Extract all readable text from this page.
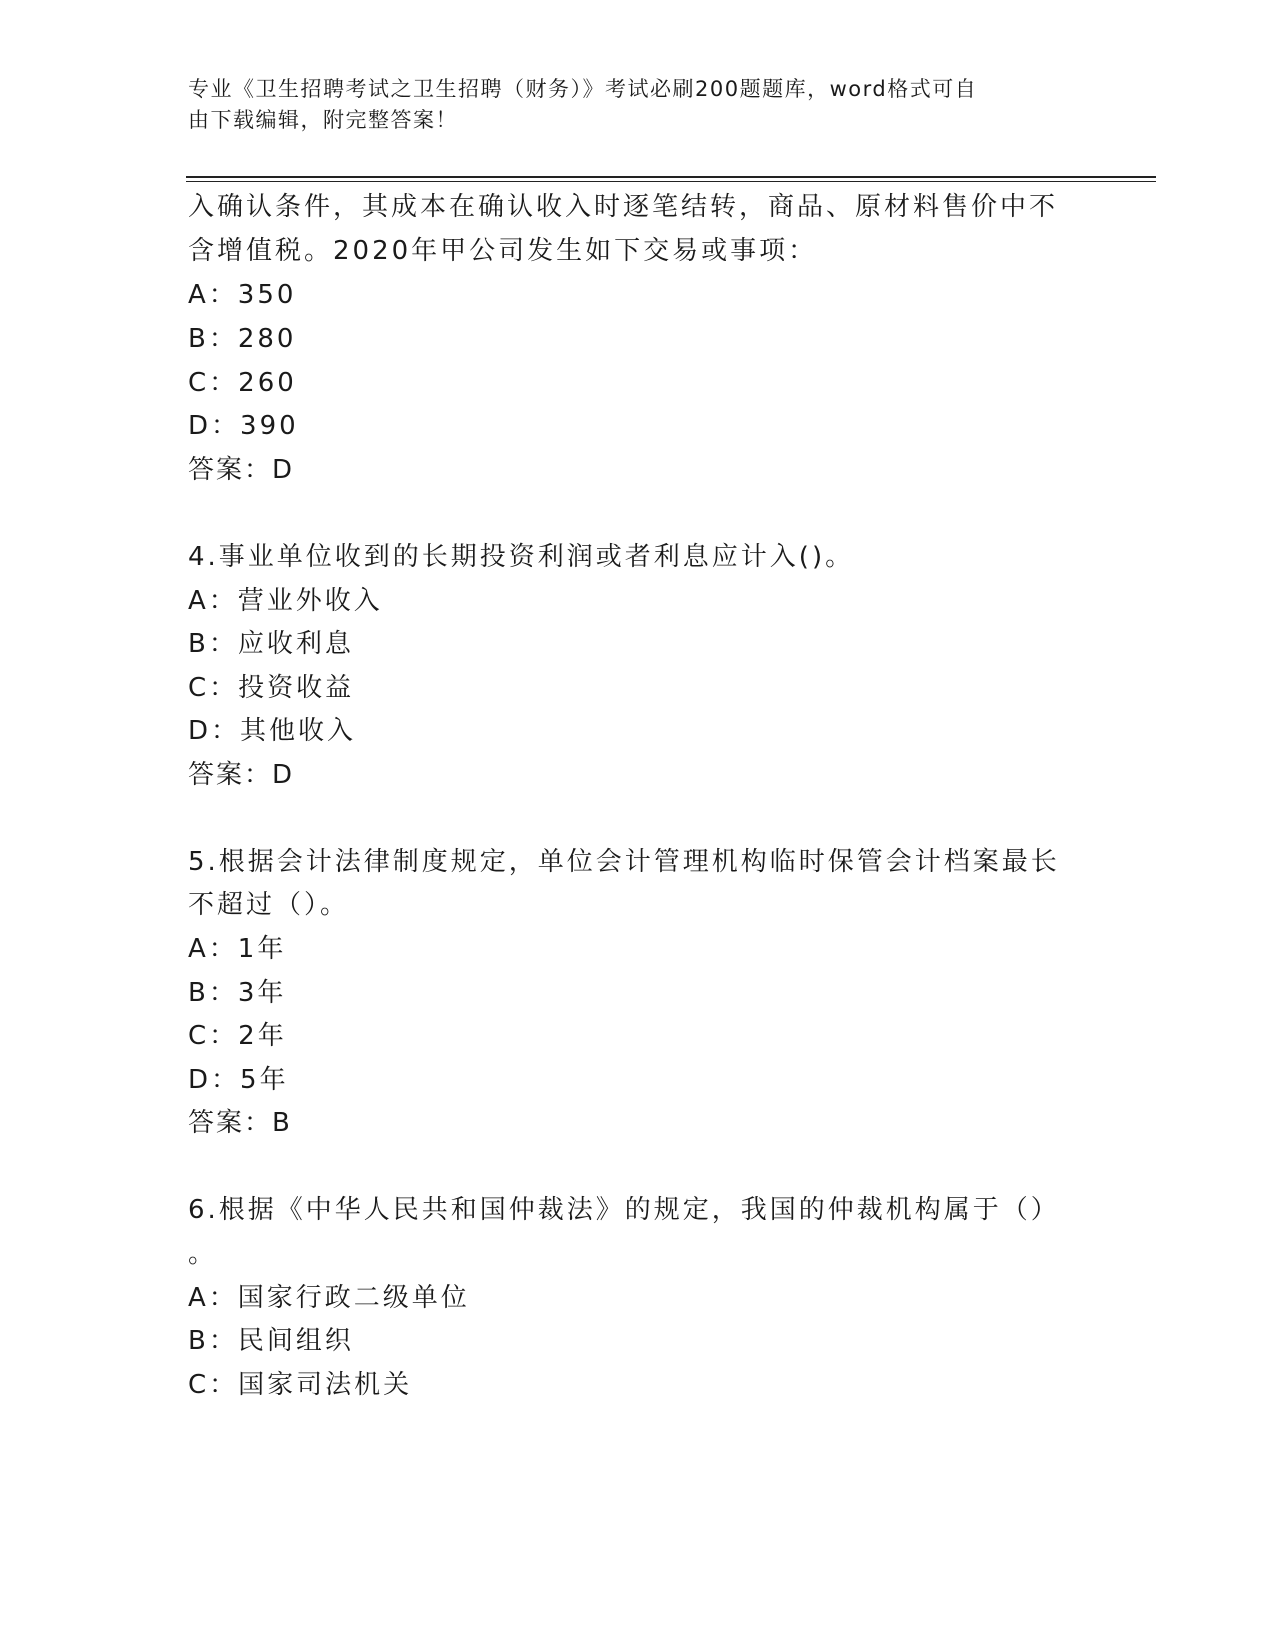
专业《卫生招聘考试之卫生招聘（财务）》考试必刷200题题库，word格式可自
由下载编辑，附完整答案！
入确认条件，其成本在确认收入时逐笔结转，商品、原材料售价中不
含增值税。2020年甲公司发生如下交易或事项：
A：350
B：280
C：260
D：390
答案：D
4.事业单位收到的长期投资利润或者利息应计入()。
A：营业外收入
B：应收利息
C：投资收益
D：其他收入
答案：D
5.根据会计法律制度规定，单位会计管理机构临时保管会计档案最长
不超过（）。
A：1年
B：3年
C：2年
D：5年
答案：B
6.根据《中华人民共和国仲裁法》的规定，我国的仲裁机构属于（）
。
A：国家行政二级单位
B：民间组织
C：国家司法机关
